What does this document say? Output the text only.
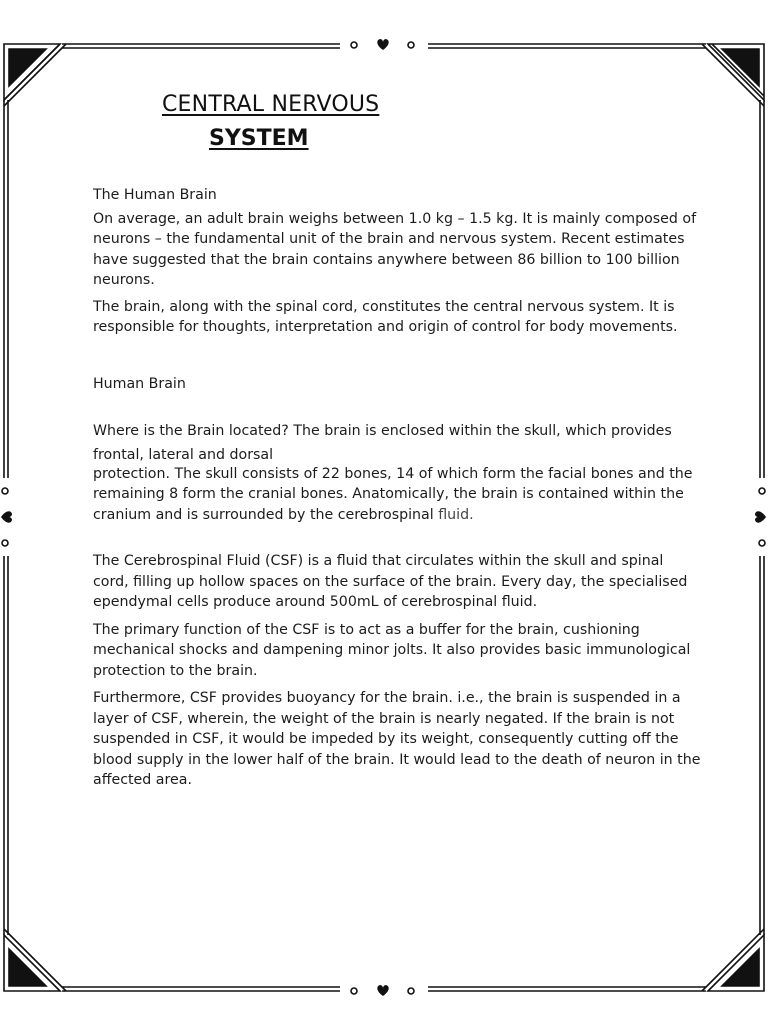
CENTRAL NERVOUS
SYSTEM

The Human Brain

On average, an adult brain weighs between 1.0 kg – 1.5 kg. It is mainly composed of neurons – the fundamental unit of the brain and nervous system. Recent estimates have suggested that the brain contains anywhere between 86 billion to 100 billion neurons.

The brain, along with the spinal cord, constitutes the central nervous system. It is responsible for thoughts, interpretation and origin of control for body movements.

Human Brain

Where is the Brain located? The brain is enclosed within the skull, which provides
frontal, lateral and dorsal
protection. The skull consists of 22 bones, 14 of which form the facial bones and the
remaining 8 form the cranial bones. Anatomically, the brain is contained within the cranium and is surrounded by the cerebrospinal fluid.

The Cerebrospinal Fluid (CSF) is a fluid that circulates within the skull and spinal cord, filling up hollow spaces on the surface of the brain. Every day, the specialised ependymal cells produce around 500mL of cerebrospinal fluid.

The primary function of the CSF is to act as a buffer for the brain, cushioning mechanical shocks and dampening minor jolts. It also provides basic immunological protection to the brain.

Furthermore, CSF provides buoyancy for the brain. i.e., the brain is suspended in a layer of CSF, wherein, the weight of the brain is nearly negated. If the brain is not suspended in CSF, it would be impeded by its weight, consequently cutting off the blood supply in the lower half of the brain. It would lead to the death of neuron in the affected area.
